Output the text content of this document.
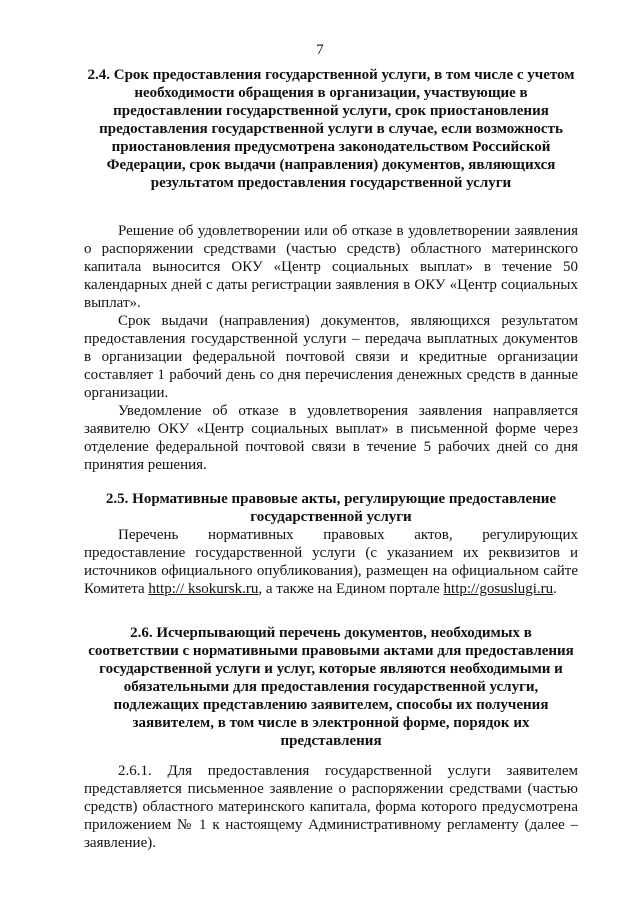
7
2.4. Срок предоставления государственной услуги, в том числе с учетом необходимости обращения в организации, участвующие в предоставлении государственной услуги, срок приостановления предоставления государственной услуги в случае, если возможность приостановления предусмотрена законодательством Российской Федерации, срок выдачи (направления) документов, являющихся результатом предоставления государственной услуги

Решение об удовлетворении или об отказе в удовлетворении заявления о распоряжении средствами (частью средств) областного материнского капитала выносится ОКУ «Центр социальных выплат» в течение 50 календарных дней с даты регистрации заявления в ОКУ «Центр социальных выплат».

Срок выдачи (направления) документов, являющихся результатом предоставления государственной услуги – передача выплатных документов в организации федеральной почтовой связи и кредитные организации составляет 1 рабочий день со дня перечисления денежных средств в данные организации.

Уведомление об отказе в удовлетворения заявления направляется заявителю ОКУ «Центр социальных выплат» в письменной форме через отделение федеральной почтовой связи в течение 5 рабочих дней со дня принятия решения.

2.5. Нормативные правовые акты, регулирующие предоставление государственной услуги

Перечень нормативных правовых актов, регулирующих предоставление государственной услуги (с указанием их реквизитов и источников официального опубликования), размещен на официальном сайте Комитета http:// ksokursk.ru, а также на Едином портале http://gosuslugi.ru.

2.6. Исчерпывающий перечень документов, необходимых в соответствии с нормативными правовыми актами для предоставления государственной услуги и услуг, которые являются необходимыми и обязательными для предоставления государственной услуги, подлежащих представлению заявителем, способы их получения заявителем, в том числе в электронной форме, порядок их представления

2.6.1. Для предоставления государственной услуги заявителем представляется письменное заявление о распоряжении средствами (частью средств) областного материнского капитала, форма которого предусмотрена приложением № 1 к настоящему Административному регламенту (далее – заявление).
